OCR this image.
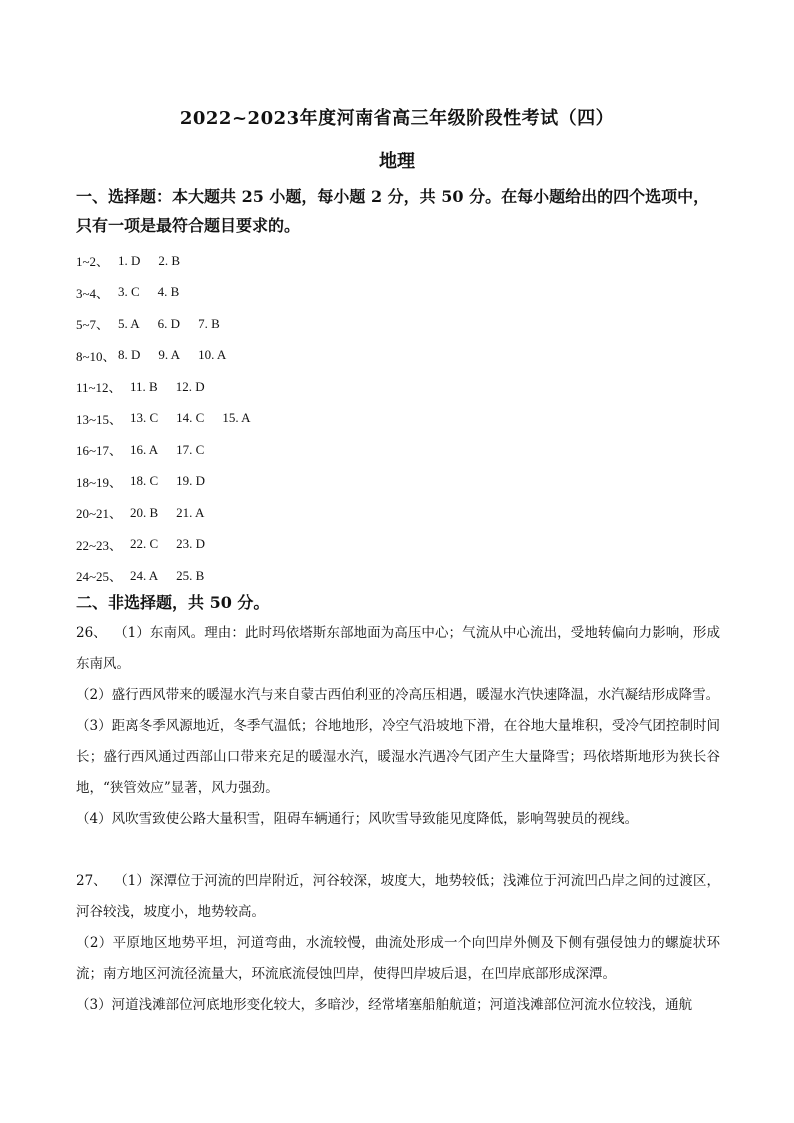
2022~2023年度河南省高三年级阶段性考试（四）
地理
一、选择题：本大题共 25 小题，每小题 2 分，共 50 分。在每小题给出的四个选项中，只有一项是最符合题目要求的。
1~2、 1. D 2. B
3~4、 3. C 4. B
5~7、 5. A 6. D 7. B
8~10、 8. D 9. A 10. A
11~12、 11. B 12. D
13~15、 13. C 14. C 15. A
16~17、 16. A 17. C
18~19、 18. C 19. D
20~21、 20. B 21. A
22~23、 22. C 23. D
24~25、 24. A 25. B
二、非选择题，共 50 分。
26、 （1）东南风。理由：此时玛依塔斯东部地面为高压中心；气流从中心流出，受地转偏向力影响，形成东南风。
（2）盛行西风带来的暖湿水汽与来自蒙古西伯利亚的冷高压相遇，暖湿水汽快速降温，水汽凝结形成降雪。
（3）距离冬季风源地近，冬季气温低；谷地地形，冷空气沿坡地下滑，在谷地大量堆积，受冷气团控制时间长；盛行西风通过西部山口带来充足的暖湿水汽，暖湿水汽遇冷气团产生大量降雪；玛依塔斯地形为狭长谷地，“狭管效应”显著，风力强劲。
（4）风吹雪致使公路大量积雪，阻碍车辆通行；风吹雪导致能见度降低，影响驾驶员的视线。
27、 （1）深潭位于河流的凹岸附近，河谷较深，坡度大，地势较低；浅滩位于河流凹凸岸之间的过渡区，河谷较浅，坡度小，地势较高。
（2）平原地区地势平坦，河道弯曲，水流较慢，曲流处形成一个向凹岸外侧及下侧有强侵蚀力的螺旋状环流；南方地区河流径流量大，环流底流侵蚀凹岸，使得凹岸坡后退，在凹岸底部形成深潭。
（3）河道浅滩部位河底地形变化较大，多暗沙，经常堵塞船舶航道；河道浅滩部位河流水位较浅，通航
